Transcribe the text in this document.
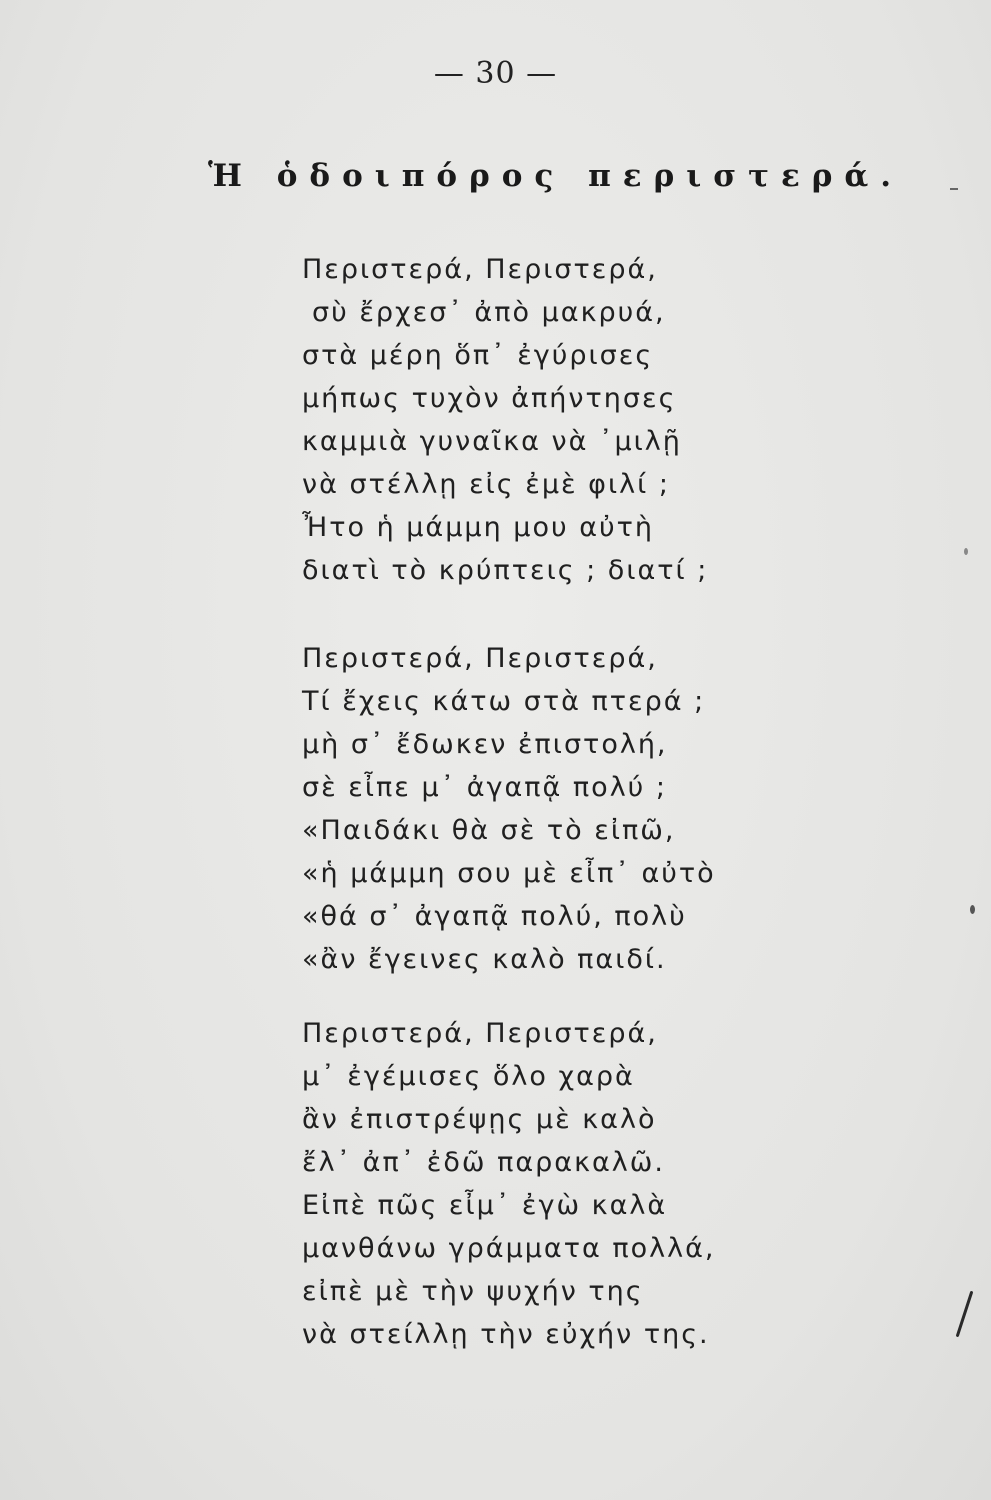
— 30 —
Ἡ ὁδοιπόρος περιστερά.
Περιστερά, Περιστερά,
σὺ ἔρχεσ᾽ ἀπὸ μακρυά,
στὰ μέρη ὅπ᾽ ἐγύρισες
μήπως τυχὸν ἀπήντησες
καμμιὰ γυναῖκα νὰ ᾽μιλῇ
νὰ στέλλῃ εἰς ἐμὲ φιλί ;
Ἦτο ἡ μάμμη μου αὐτὴ
διατὶ τὸ κρύπτεις ; διατί ;
Περιστερά, Περιστερά,
Τί ἔχεις κάτω στὰ πτερά ;
μὴ σ᾽ ἔδωκεν ἐπιστολή,
σὲ εἶπε μ᾽ ἀγαπᾷ πολύ ;
«Παιδάκι θὰ σὲ τὸ εἰπῶ,
«ἡ μάμμη σου μὲ εἶπ᾽ αὐτὸ
«θά σ᾽ ἀγαπᾷ πολύ, πολὺ
«ἂν ἔγεινες καλὸ παιδί.
Περιστερά, Περιστερά,
μ᾽ ἐγέμισες ὅλο χαρὰ
ἂν ἐπιστρέψῃς μὲ καλὸ
ἔλ᾽ ἀπ᾽ ἐδῶ παρακαλῶ.
Εἰπὲ πῶς εἶμ᾽ ἐγὼ καλὰ
μανθάνω γράμματα πολλά,
εἰπὲ μὲ τὴν ψυχήν της
νὰ στείλλῃ τὴν εὐχήν της.
